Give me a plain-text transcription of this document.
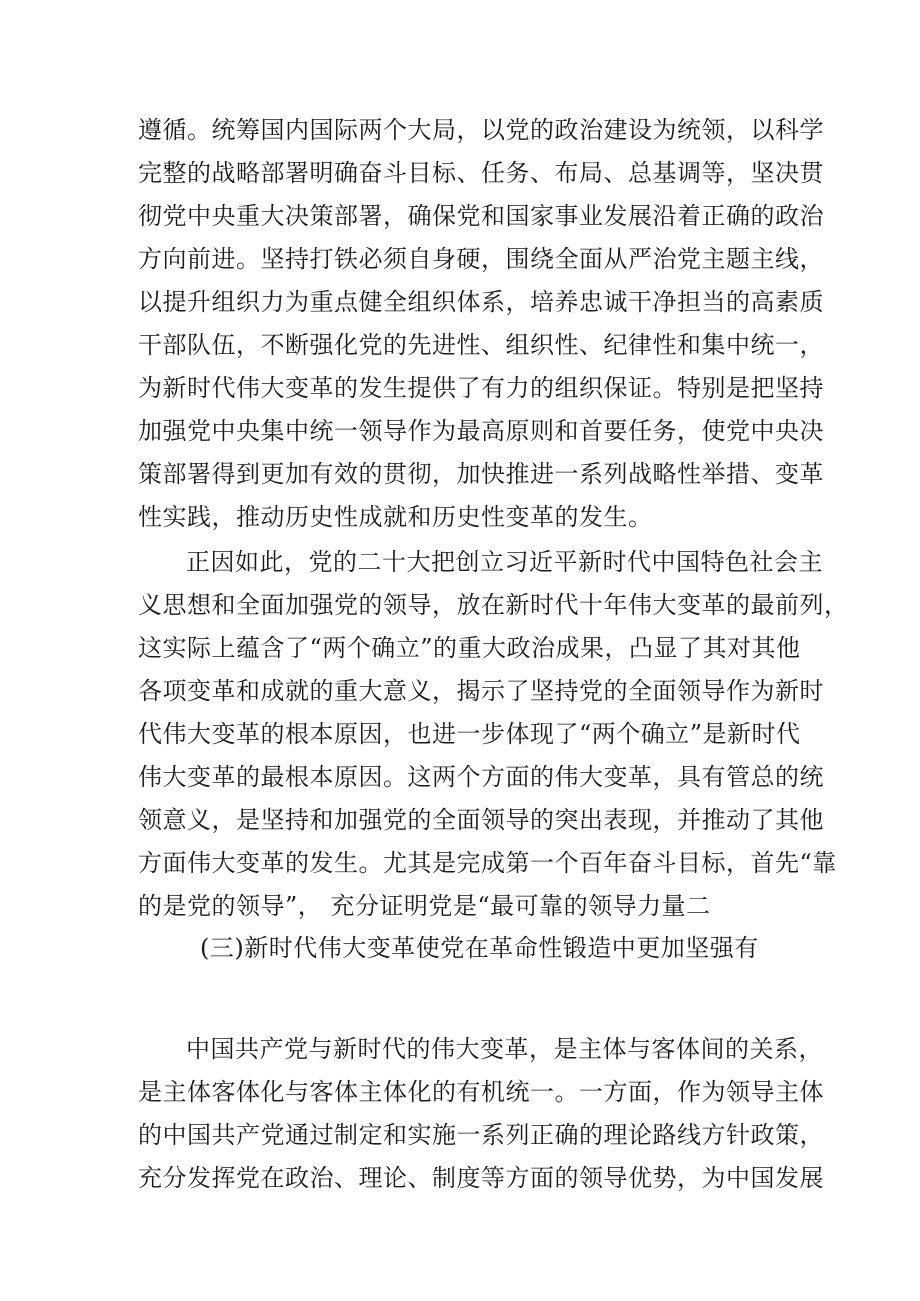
遵循。统筹国内国际两个大局，以党的政治建设为统领，以科学
完整的战略部署明确奋斗目标、任务、布局、总基调等，坚决贯
彻党中央重大决策部署，确保党和国家事业发展沿着正确的政治
方向前进。坚持打铁必须自身硬，围绕全面从严治党主题主线，
以提升组织力为重点健全组织体系，培养忠诚干净担当的高素质
干部队伍，不断强化党的先进性、组织性、纪律性和集中统一，
为新时代伟大变革的发生提供了有力的组织保证。特别是把坚持
加强党中央集中统一领导作为最高原则和首要任务，使党中央决
策部署得到更加有效的贯彻，加快推进一系列战略性举措、变革
性实践，推动历史性成就和历史性变革的发生。
正因如此，党的二十大把创立习近平新时代中国特色社会主
义思想和全面加强党的领导，放在新时代十年伟大变革的最前列，
这实际上蕴含了“两个确立”的重大政治成果，凸显了其对其他
各项变革和成就的重大意义，揭示了坚持党的全面领导作为新时
代伟大变革的根本原因，也进一步体现了“两个确立”是新时代
伟大变革的最根本原因。这两个方面的伟大变革，具有管总的统
领意义，是坚持和加强党的全面领导的突出表现，并推动了其他
方面伟大变革的发生。尤其是完成第一个百年奋斗目标，首先“靠
的是党的领导”， 充分证明党是“最可靠的领导力量二
(三)新时代伟大变革使党在革命性锻造中更加坚强有
中国共产党与新时代的伟大变革，是主体与客体间的关系，
是主体客体化与客体主体化的有机统一。一方面，作为领导主体
的中国共产党通过制定和实施一系列正确的理论路线方针政策，
充分发挥党在政治、理论、制度等方面的领导优势，为中国发展
